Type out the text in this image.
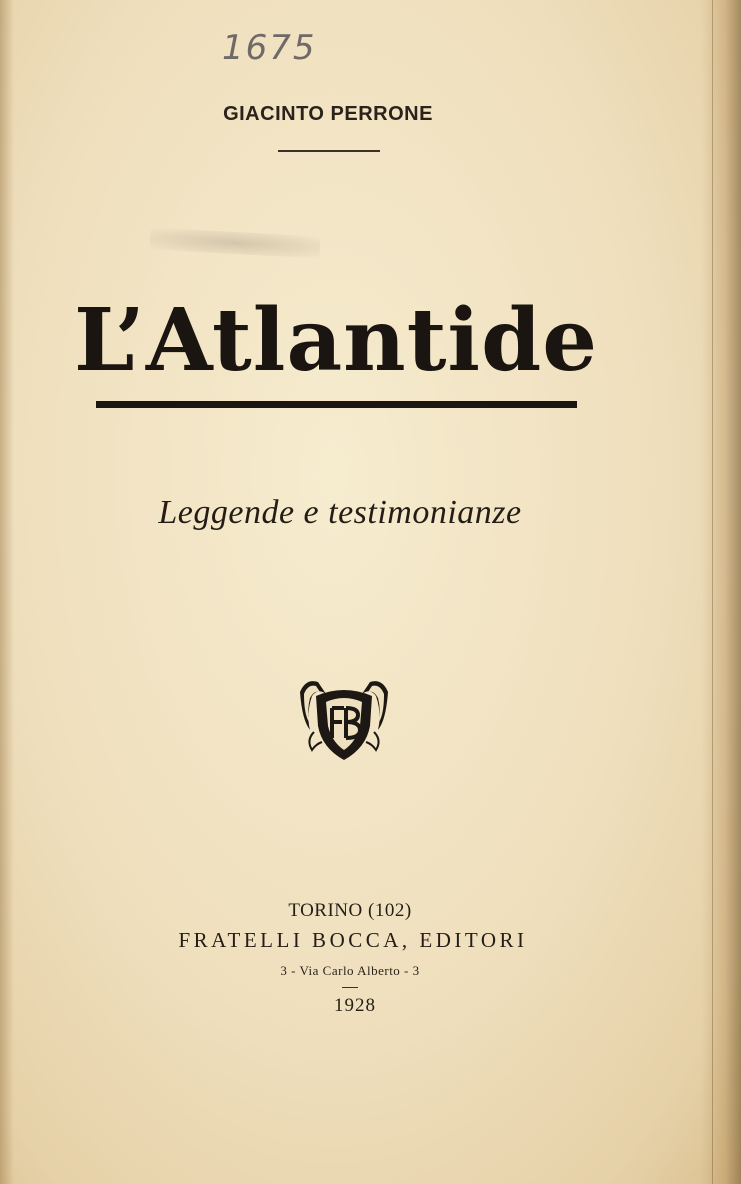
1675
GIACINTO PERRONE
L’Atlantide
Leggende e testimonianze
TORINO (102)
FRATELLI BOCCA, EDITORI
3 - Via Carlo Alberto - 3
1928
